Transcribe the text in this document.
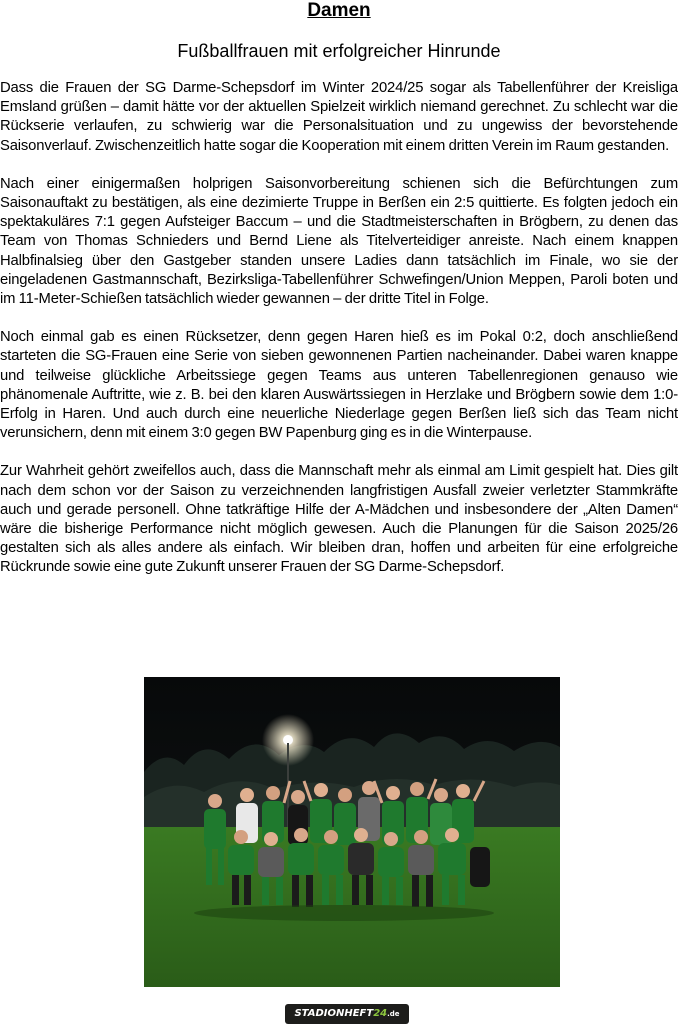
Damen
Fußballfrauen mit erfolgreicher Hinrunde

Dass die Frauen der SG Darme-Schepsdorf im Winter 2024/25 sogar als Tabellenführer der Kreisliga Emsland grüßen – damit hätte vor der aktuellen Spielzeit wirklich niemand gerechnet. Zu schlecht war die Rückserie verlaufen, zu schwierig war die Personalsituation und zu ungewiss der bevorstehende Saisonverlauf. Zwischenzeitlich hatte sogar die Kooperation mit einem dritten Verein im Raum gestanden.

Nach einer einigermaßen holprigen Saisonvorbereitung schienen sich die Befürchtungen zum Saisonauftakt zu bestätigen, als eine dezimierte Truppe in Berßen ein 2:5 quittierte. Es folgten jedoch ein spektakuläres 7:1 gegen Aufsteiger Baccum – und die Stadtmeisterschaften in Brögbern, zu denen das Team von Thomas Schnieders und Bernd Liene als Titelverteidiger anreiste. Nach einem knappen Halbfinalsieg über den Gastgeber standen unsere Ladies dann tatsächlich im Finale, wo sie der eingeladenen Gastmannschaft, Bezirksliga-Tabellenführer Schwefingen/Union Meppen, Paroli boten und im 11-Meter-Schießen tatsächlich wieder gewannen – der dritte Titel in Folge.

Noch einmal gab es einen Rücksetzer, denn gegen Haren hieß es im Pokal 0:2, doch anschließend starteten die SG-Frauen eine Serie von sieben gewonnenen Partien nacheinander. Dabei waren knappe und teilweise glückliche Arbeitssiege gegen Teams aus unteren Tabellenregionen genauso wie phänomenale Auftritte, wie z. B. bei den klaren Auswärtssiegen in Herzlake und Brögbern sowie dem 1:0-Erfolg in Haren. Und auch durch eine neuerliche Niederlage gegen Berßen ließ sich das Team nicht verunsichern, denn mit einem 3:0 gegen BW Papenburg ging es in die Winterpause.

Zur Wahrheit gehört zweifellos auch, dass die Mannschaft mehr als einmal am Limit gespielt hat. Dies gilt nach dem schon vor der Saison zu verzeichnenden langfristigen Ausfall zweier verletzter Stammkräfte auch und gerade personell. Ohne tatkräftige Hilfe der A-Mädchen und insbesondere der „Alten Damen“ wäre die bisherige Performance nicht möglich gewesen. Auch die Planungen für die Saison 2025/26 gestalten sich als alles andere als einfach. Wir bleiben dran, hoffen und arbeiten für eine erfolgreiche Rückrunde sowie eine gute Zukunft unserer Frauen der SG Darme-Schepsdorf.

STADIONHEFT24.de
